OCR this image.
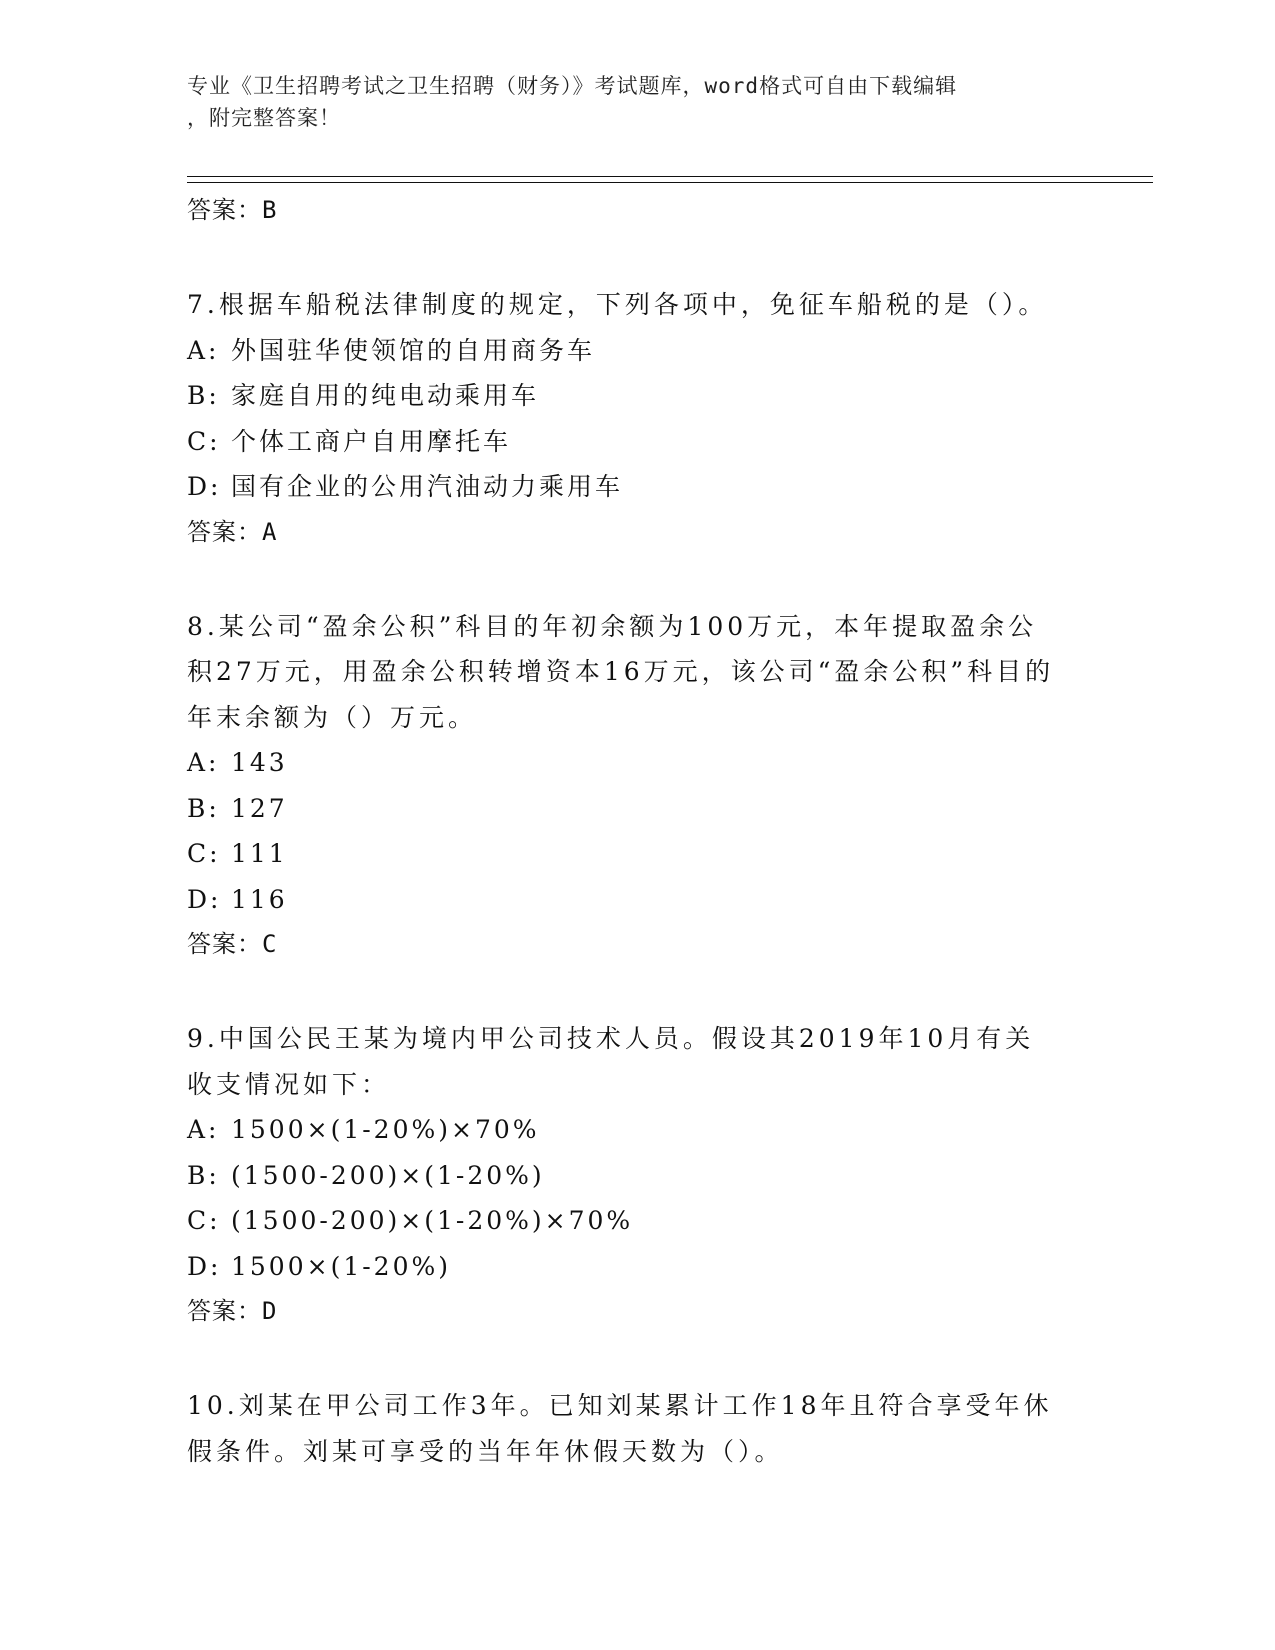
专业《卫生招聘考试之卫生招聘（财务）》考试题库，word格式可自由下载编辑
，附完整答案！
答案：B
7.根据车船税法律制度的规定，下列各项中，免征车船税的是（）。
A: 外国驻华使领馆的自用商务车
B: 家庭自用的纯电动乘用车
C: 个体工商户自用摩托车
D: 国有企业的公用汽油动力乘用车
答案：A
8.某公司“盈余公积”科目的年初余额为100万元，本年提取盈余公积27万元，用盈余公积转增资本16万元，该公司“盈余公积”科目的年末余额为（）万元。
A: 143
B: 127
C: 111
D: 116
答案：C
9.中国公民王某为境内甲公司技术人员。假设其2019年10月有关收支情况如下：
A: 1500×(1-20%)×70%
B: (1500-200)×(1-20%)
C: (1500-200)×(1-20%)×70%
D: 1500×(1-20%)
答案：D
10.刘某在甲公司工作3年。已知刘某累计工作18年且符合享受年休假条件。刘某可享受的当年年休假天数为（）。
